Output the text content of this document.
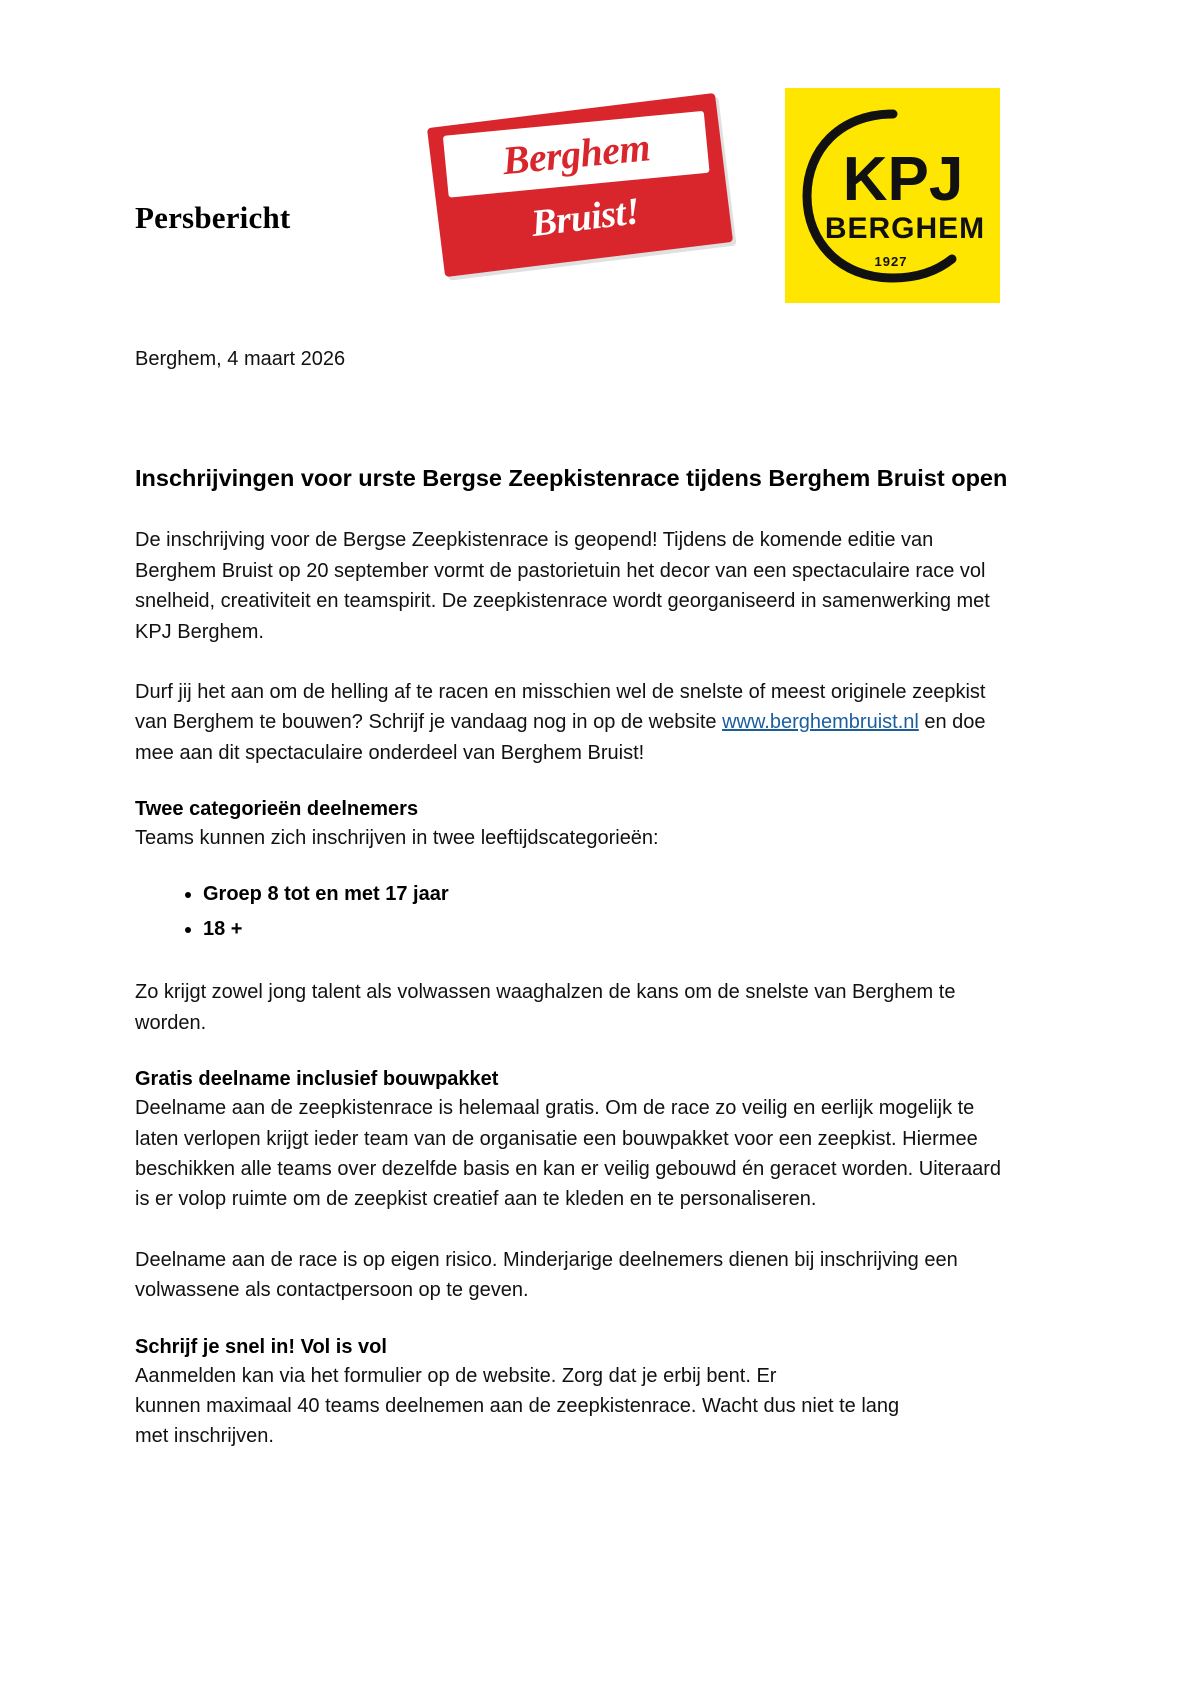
Persbericht
Berghem
Bruist!
KPJ
BERGHEM
1927
Berghem, 4 maart 2026
Inschrijvingen voor urste Bergse Zeepkistenrace tijdens Berghem Bruist open

De inschrijving voor de Bergse Zeepkistenrace is geopend! Tijdens de komende editie van Berghem Bruist op 20 september vormt de pastorietuin het decor van een spectaculaire race vol snelheid, creativiteit en teamspirit. De zeepkistenrace wordt georganiseerd in samenwerking met KPJ Berghem.

Durf jij het aan om de helling af te racen en misschien wel de snelste of meest originele zeepkist van Berghem te bouwen? Schrijf je vandaag nog in op de website www.berghembruist.nl en doe mee aan dit spectaculaire onderdeel van Berghem Bruist!

Twee categorieën deelnemers

Teams kunnen zich inschrijven in twee leeftijdscategorieën:

• Groep 8 tot en met 17 jaar
• 18 +

Zo krijgt zowel jong talent als volwassen waaghalzen de kans om de snelste van Berghem te worden.

Gratis deelname inclusief bouwpakket

Deelname aan de zeepkistenrace is helemaal gratis. Om de race zo veilig en eerlijk mogelijk te laten verlopen krijgt ieder team van de organisatie een bouwpakket voor een zeepkist. Hiermee beschikken alle teams over dezelfde basis en kan er veilig gebouwd én geracet worden. Uiteraard is er volop ruimte om de zeepkist creatief aan te kleden en te personaliseren.

Deelname aan de race is op eigen risico. Minderjarige deelnemers dienen bij inschrijving een volwassene als contactpersoon op te geven.

Schrijf je snel in! Vol is vol

Aanmelden kan via het formulier op de website. Zorg dat je erbij bent. Er
kunnen maximaal 40 teams deelnemen aan de zeepkistenrace. Wacht dus niet te lang
met inschrijven.
